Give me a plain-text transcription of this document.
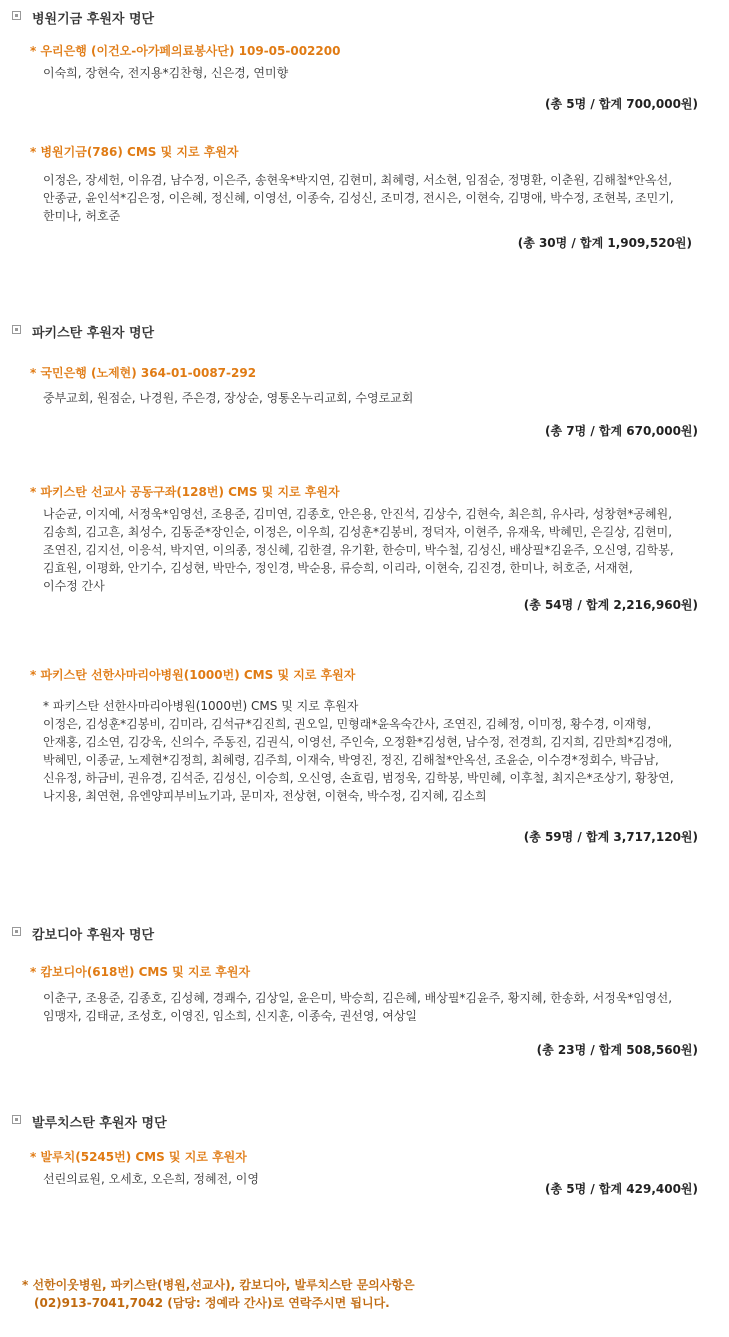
병원기금 후원자 명단
* 우리은행 (이건오-아가페의료봉사단) 109-05-002200
이숙희, 장현숙, 전지용*김찬형, 신은경, 연미향
(총 5명 / 합계 700,000원)
* 병원기금(786) CMS 및 지로 후원자
이정은, 장세헌, 이유겸, 남수정, 이은주, 송현욱*박지연, 김현미, 최혜령, 서소현, 임점순, 정명환, 이춘원, 김해철*안옥선,
안종균, 윤인석*김은정, 이은혜, 정신혜, 이영선, 이종숙, 김성신, 조미경, 전시은, 이현숙, 김명애, 박수정, 조현복, 조민기,
한미나, 허호준
(총 30명 / 합계 1,909,520원)
파키스탄 후원자 명단
* 국민은행 (노제현) 364-01-0087-292
중부교회, 원점순, 나경원, 주은경, 장상순, 영통온누리교회, 수영로교회
(총 7명 / 합계 670,000원)
* 파키스탄 선교사 공동구좌(128번) CMS 및 지로 후원자
나순균, 이지예, 서정욱*임영선, 조용준, 김미연, 김종호, 안은용, 안진석, 김상수, 김현숙, 최은희, 유사라, 성창현*공혜원,
김송희, 김고흔, 최성수, 김동준*장인순, 이정은, 이우희, 김성훈*김봉비, 정덕자, 이현주, 유재욱, 박혜민, 은길상, 김현미,
조연진, 김지선, 이응석, 박지연, 이의종, 정신혜, 김한결, 유기환, 한승미, 박수철, 김성신, 배상필*김윤주, 오신영, 김학봉,
김효원, 이평화, 안기수, 김성현, 박만수, 정인경, 박순용, 류승희, 이리라, 이현숙, 김진경, 한미나, 허호준, 서재현,
이수정 간사
(총 54명 / 합계 2,216,960원)
* 파키스탄 선한사마리아병원(1000번) CMS 및 지로 후원자
* 파키스탄 선한사마리아병원(1000번) CMS 및 지로 후원자
이정은, 김성훈*김봉비, 김미라, 김석규*김진희, 권오일, 민형래*윤옥숙간사, 조연진, 김혜정, 이미정, 황수경, 이재형,
안재홍, 김소연, 김강욱, 신의수, 주동진, 김권식, 이영선, 주인숙, 오정환*김성현, 남수정, 전경희, 김지희, 김만희*김경애,
박혜민, 이종균, 노제현*김정희, 최혜령, 김주희, 이재숙, 박영진, 정진, 김해철*안옥선, 조윤순, 이수경*정회수, 박금남,
신유정, 하금비, 권유경, 김석준, 김성신, 이승희, 오신영, 손효림, 범정욱, 김학봉, 박민혜, 이후철, 최지은*조상기, 황창연,
나지용, 최연현, 유엔양피부비뇨기과, 문미자, 전상현, 이현숙, 박수정, 김지혜, 김소희
(총 59명 / 합계 3,717,120원)
캄보디아 후원자 명단
* 캄보디아(618번) CMS 및 지로 후원자
이춘구, 조용준, 김종호, 김성혜, 경쾌수, 김상일, 윤은미, 박승희, 김은혜, 배상필*김윤주, 황지혜, 한송화, 서정욱*임영선,
임맹자, 김태균, 조성호, 이영진, 임소희, 신지훈, 이종숙, 권선영, 여상일
(총 23명 / 합계 508,560원)
발루치스탄 후원자 명단
* 발루치(5245번) CMS 및 지로 후원자
선린의료원, 오세호, 오은희, 정혜전, 이영
(총 5명 / 합계 429,400원)
* 선한이웃병원, 파키스탄(병원,선교사), 캄보디아, 발루치스탄 문의사항은
(02)913-7041,7042 (담당: 정예라 간사)로 연락주시면 됩니다.
